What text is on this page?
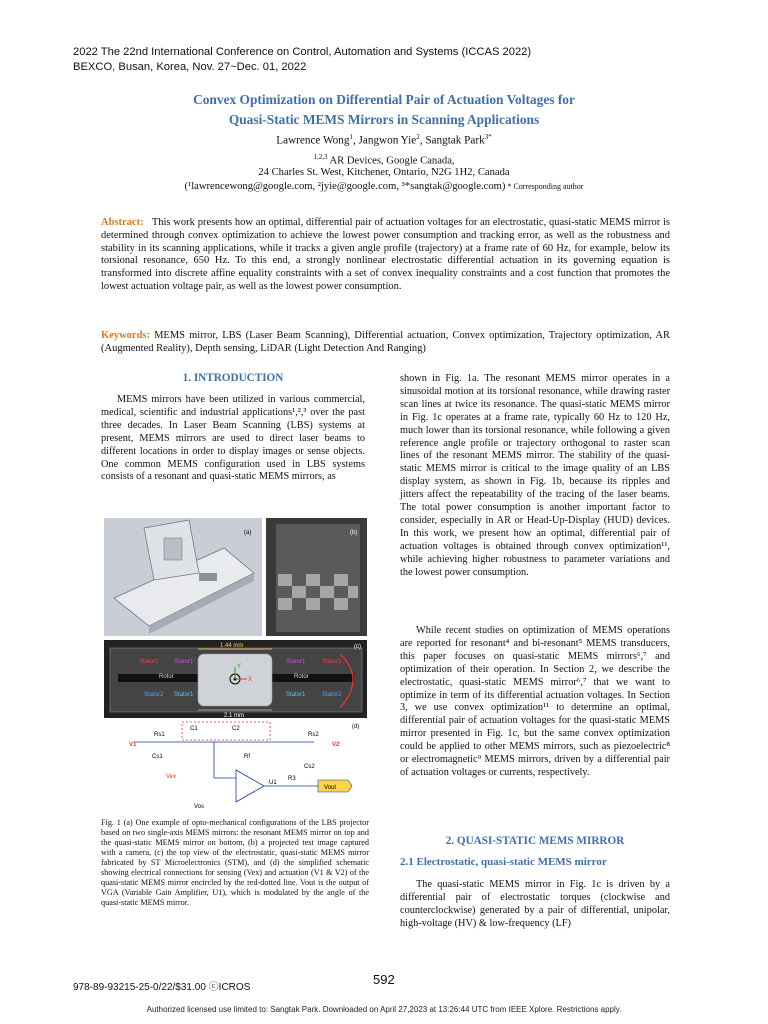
2022 The 22nd International Conference on Control, Automation and Systems (ICCAS 2022)
BEXCO, Busan, Korea, Nov. 27~Dec. 01, 2022
Convex Optimization on Differential Pair of Actuation Voltages for
Quasi-Static MEMS Mirrors in Scanning Applications
Lawrence Wong$^1$, Jangwon Yie$^2$, Sangtak Park$^{3*}$
$^{1,2,3}$ AR Devices, Google Canada,
24 Charles St. West, Kitchener, Ontario, N2G 1H2, Canada
(¹lawrencewong@google.com, ²jyie@google.com, ³*sangtak@google.com) * Corresponding author
Abstract: This work presents how an optimal, differential pair of actuation voltages for an electrostatic, quasi-static MEMS mirror is determined through convex optimization to achieve the lowest power consumption and tracking error, as well as the robustness and stability in its scanning applications, while it tracks a given angle profile (trajectory) at a frame rate of 60 Hz, for example, below its torsional resonance, 650 Hz. To this end, a strongly nonlinear electrostatic differential actuation in its governing equation is transformed into discrete affine equality constraints with a set of convex inequality constraints and a cost function that promotes the lowest actuation voltage pair, as well as the lowest power consumption.
Keywords: MEMS mirror, LBS (Laser Beam Scanning), Differential actuation, Convex optimization, Trajectory optimization, AR (Augmented Reality), Depth sensing, LiDAR (Light Detection And Ranging)
1. INTRODUCTION
MEMS mirrors have been utilized in various commercial, medical, scientific and industrial applications¹,²,³ over the past three decades. In Laser Beam Scanning (LBS) systems at present, MEMS mirrors are used to direct laser beams to different locations in order to display images or sense objects. One common MEMS configuration used in LBS systems consists of a resonant and quasi-static MEMS mirrors, as
(a)	(b)
X
Y
1.44 mm
2.1 mm
Stator2	Stator1
Rotor
Stator2 Stator1
Stator1	Stator2
Rotor
Stator1	Stator2
(c)
V1	V2
Rs1	Rs2
C1	C2
Cs1
Cs2
Rf
Vex
Vos
U1
R3
Vout
(d)
Fig. 1 (a) One example of opto-mechanical configurations of the LBS projector based on two single-axis MEMS mirrors: the resonant MEMS mirror on top and the quasi-static MEMS mirror on bottom, (b) a projected test image captured with a camera, (c) the top view of the electrostatic, quasi-static MEMS mirror fabricated by ST Microelectronics (STM), and (d) the simplified schematic showing electrical connections for sensing (Vex) and actuation (V1 & V2) of the quasi-static MEMS mirror encircled by the red-dotted line. Vout is the output of VGA (Variable Gain Amplifier, U1), which is modulated by the angle of the quasi-static MEMS mirror.
shown in Fig. 1a. The resonant MEMS mirror operates in a sinusoidal motion at its torsional resonance, while drawing raster scan lines at twice its resonance. The quasi-static MEMS mirror in Fig. 1c operates at a frame rate, typically 60 Hz to 120 Hz, much lower than its torsional resonance, while following a given reference angle profile or trajectory orthogonal to raster scan lines of the resonant MEMS mirror. The stability of the quasi-static MEMS mirror is critical to the image quality of an LBS display system, as shown in Fig. 1b, because its ripples and jitters affect the repeatability of the tracing of the laser beams. The total power consumption is another important factor to consider, especially in AR or Head-Up-Display (HUD) devices. In this work, we present how an optimal, differential pair of actuation voltages is obtained through convex optimization¹¹, while achieving higher robustness to parameter variations and the lowest power consumption.
While recent studies on optimization of MEMS operations are reported for resonant⁴ and bi-resonant⁵ MEMS transducers, this paper focuses on quasi-static MEMS mirrors⁶,⁷ and optimization of their operation. In Section 2, we describe the electrostatic, quasi-static MEMS mirror⁶,⁷ that we want to optimize in term of its differential actuation voltages. In Section 3, we use convex optimization¹¹ to determine an optimal, differential pair of actuation voltages for the quasi-static MEMS mirror presented in Fig. 1c, but the same convex optimization could be applied to other MEMS mirrors, such as piezoelectric⁸ or electromagnetic⁹ MEMS mirrors, driven by a differential pair of actuation voltages or currents, respectively.
2. QUASI-STATIC MEMS MIRROR
2.1 Electrostatic, quasi-static MEMS mirror
The quasi-static MEMS mirror in Fig. 1c is driven by a differential pair of electrostatic torques (clockwise and counterclockwise) generated by a pair of differential, unipolar, high-voltage (HV) & low-frequency (LF)
978-89-93215-25-0/22/$31.00 ⓒICROS
592
Authorized licensed use limited to: Sangtak Park. Downloaded on April 27,2023 at 13:26:44 UTC from IEEE Xplore. Restrictions apply.
